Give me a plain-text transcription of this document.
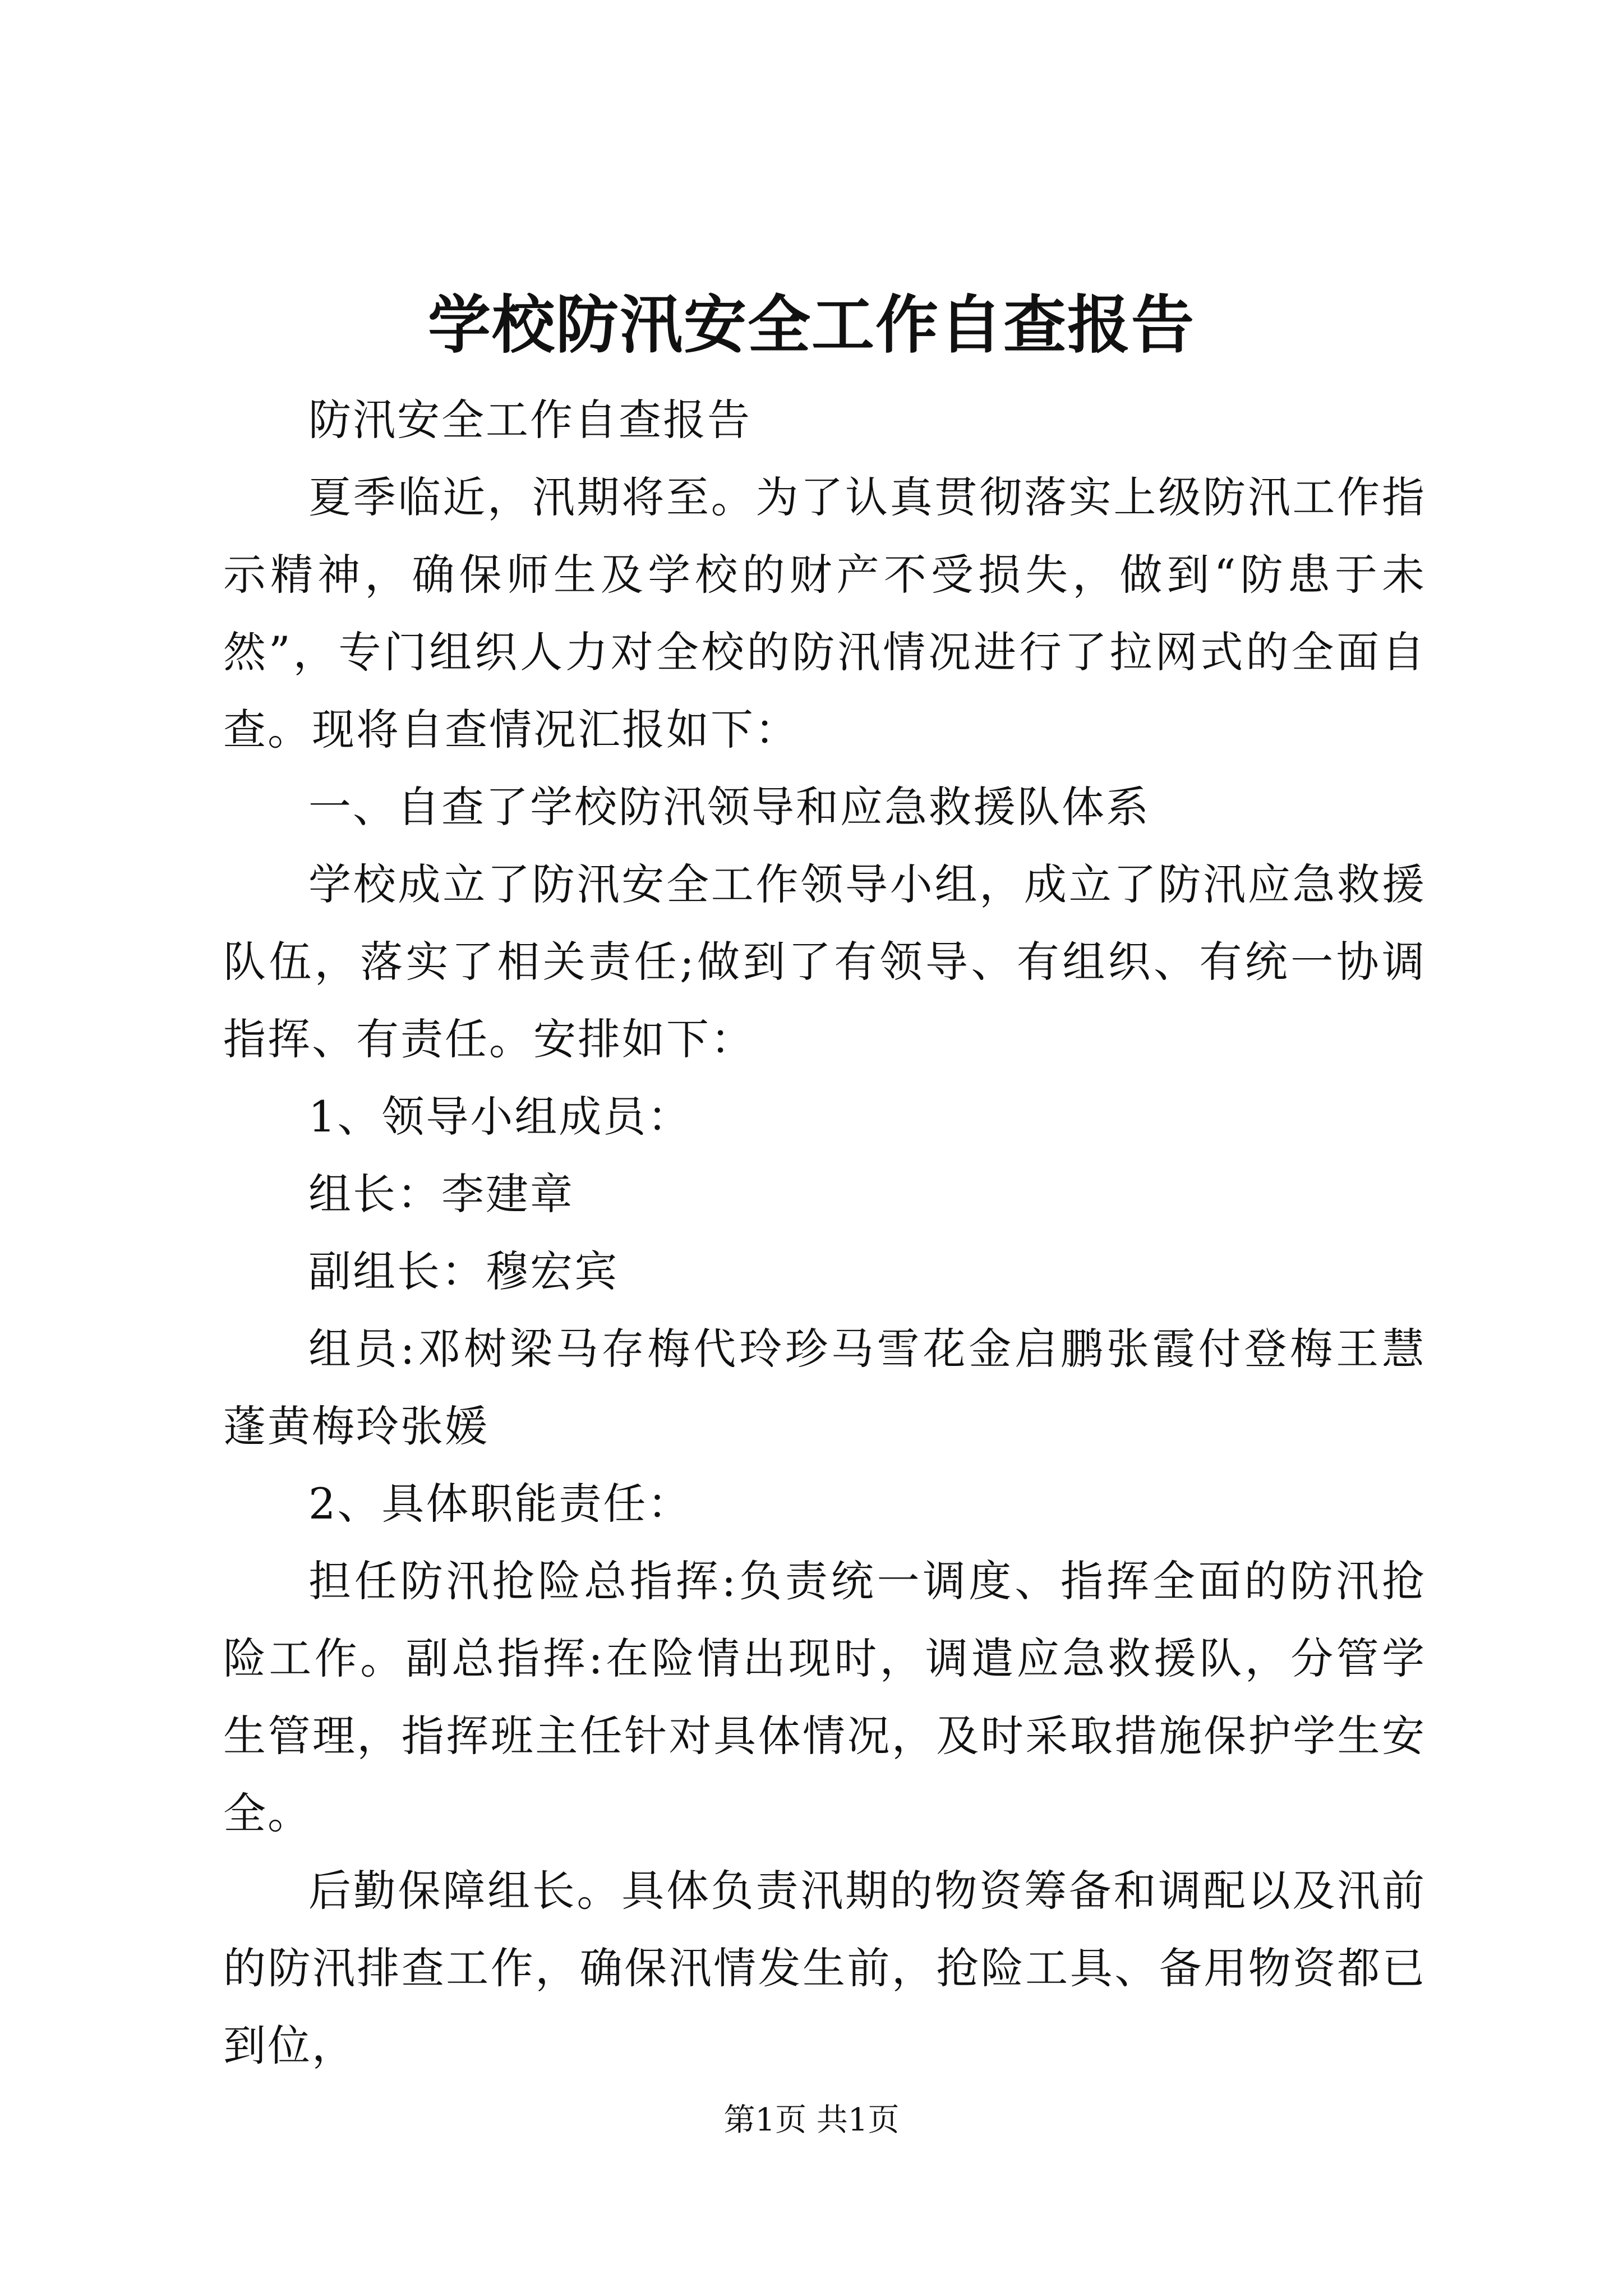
学校防汛安全工作自查报告

防汛安全工作自查报告

夏季临近，汛期将至。为了认真贯彻落实上级防汛工作指示精神，确保师生及学校的财产不受损失，做到“防患于未然”，专门组织人力对全校的防汛情况进行了拉网式的全面自查。现将自查情况汇报如下：

一、自查了学校防汛领导和应急救援队体系

学校成立了防汛安全工作领导小组，成立了防汛应急救援队伍，落实了相关责任;做到了有领导、有组织、有统一协调指挥、有责任。安排如下：

1、领导小组成员：

组长：李建章

副组长：穆宏宾

组员:邓树梁马存梅代玲珍马雪花金启鹏张霞付登梅王慧蓬黄梅玲张媛

2、具体职能责任：

担任防汛抢险总指挥:负责统一调度、指挥全面的防汛抢险工作。副总指挥:在险情出现时，调遣应急救援队，分管学生管理，指挥班主任针对具体情况，及时采取措施保护学生安全。

后勤保障组长。具体负责汛期的物资筹备和调配以及汛前的防汛排查工作，确保汛情发生前，抢险工具、备用物资都已到位，

第1页 共1页
